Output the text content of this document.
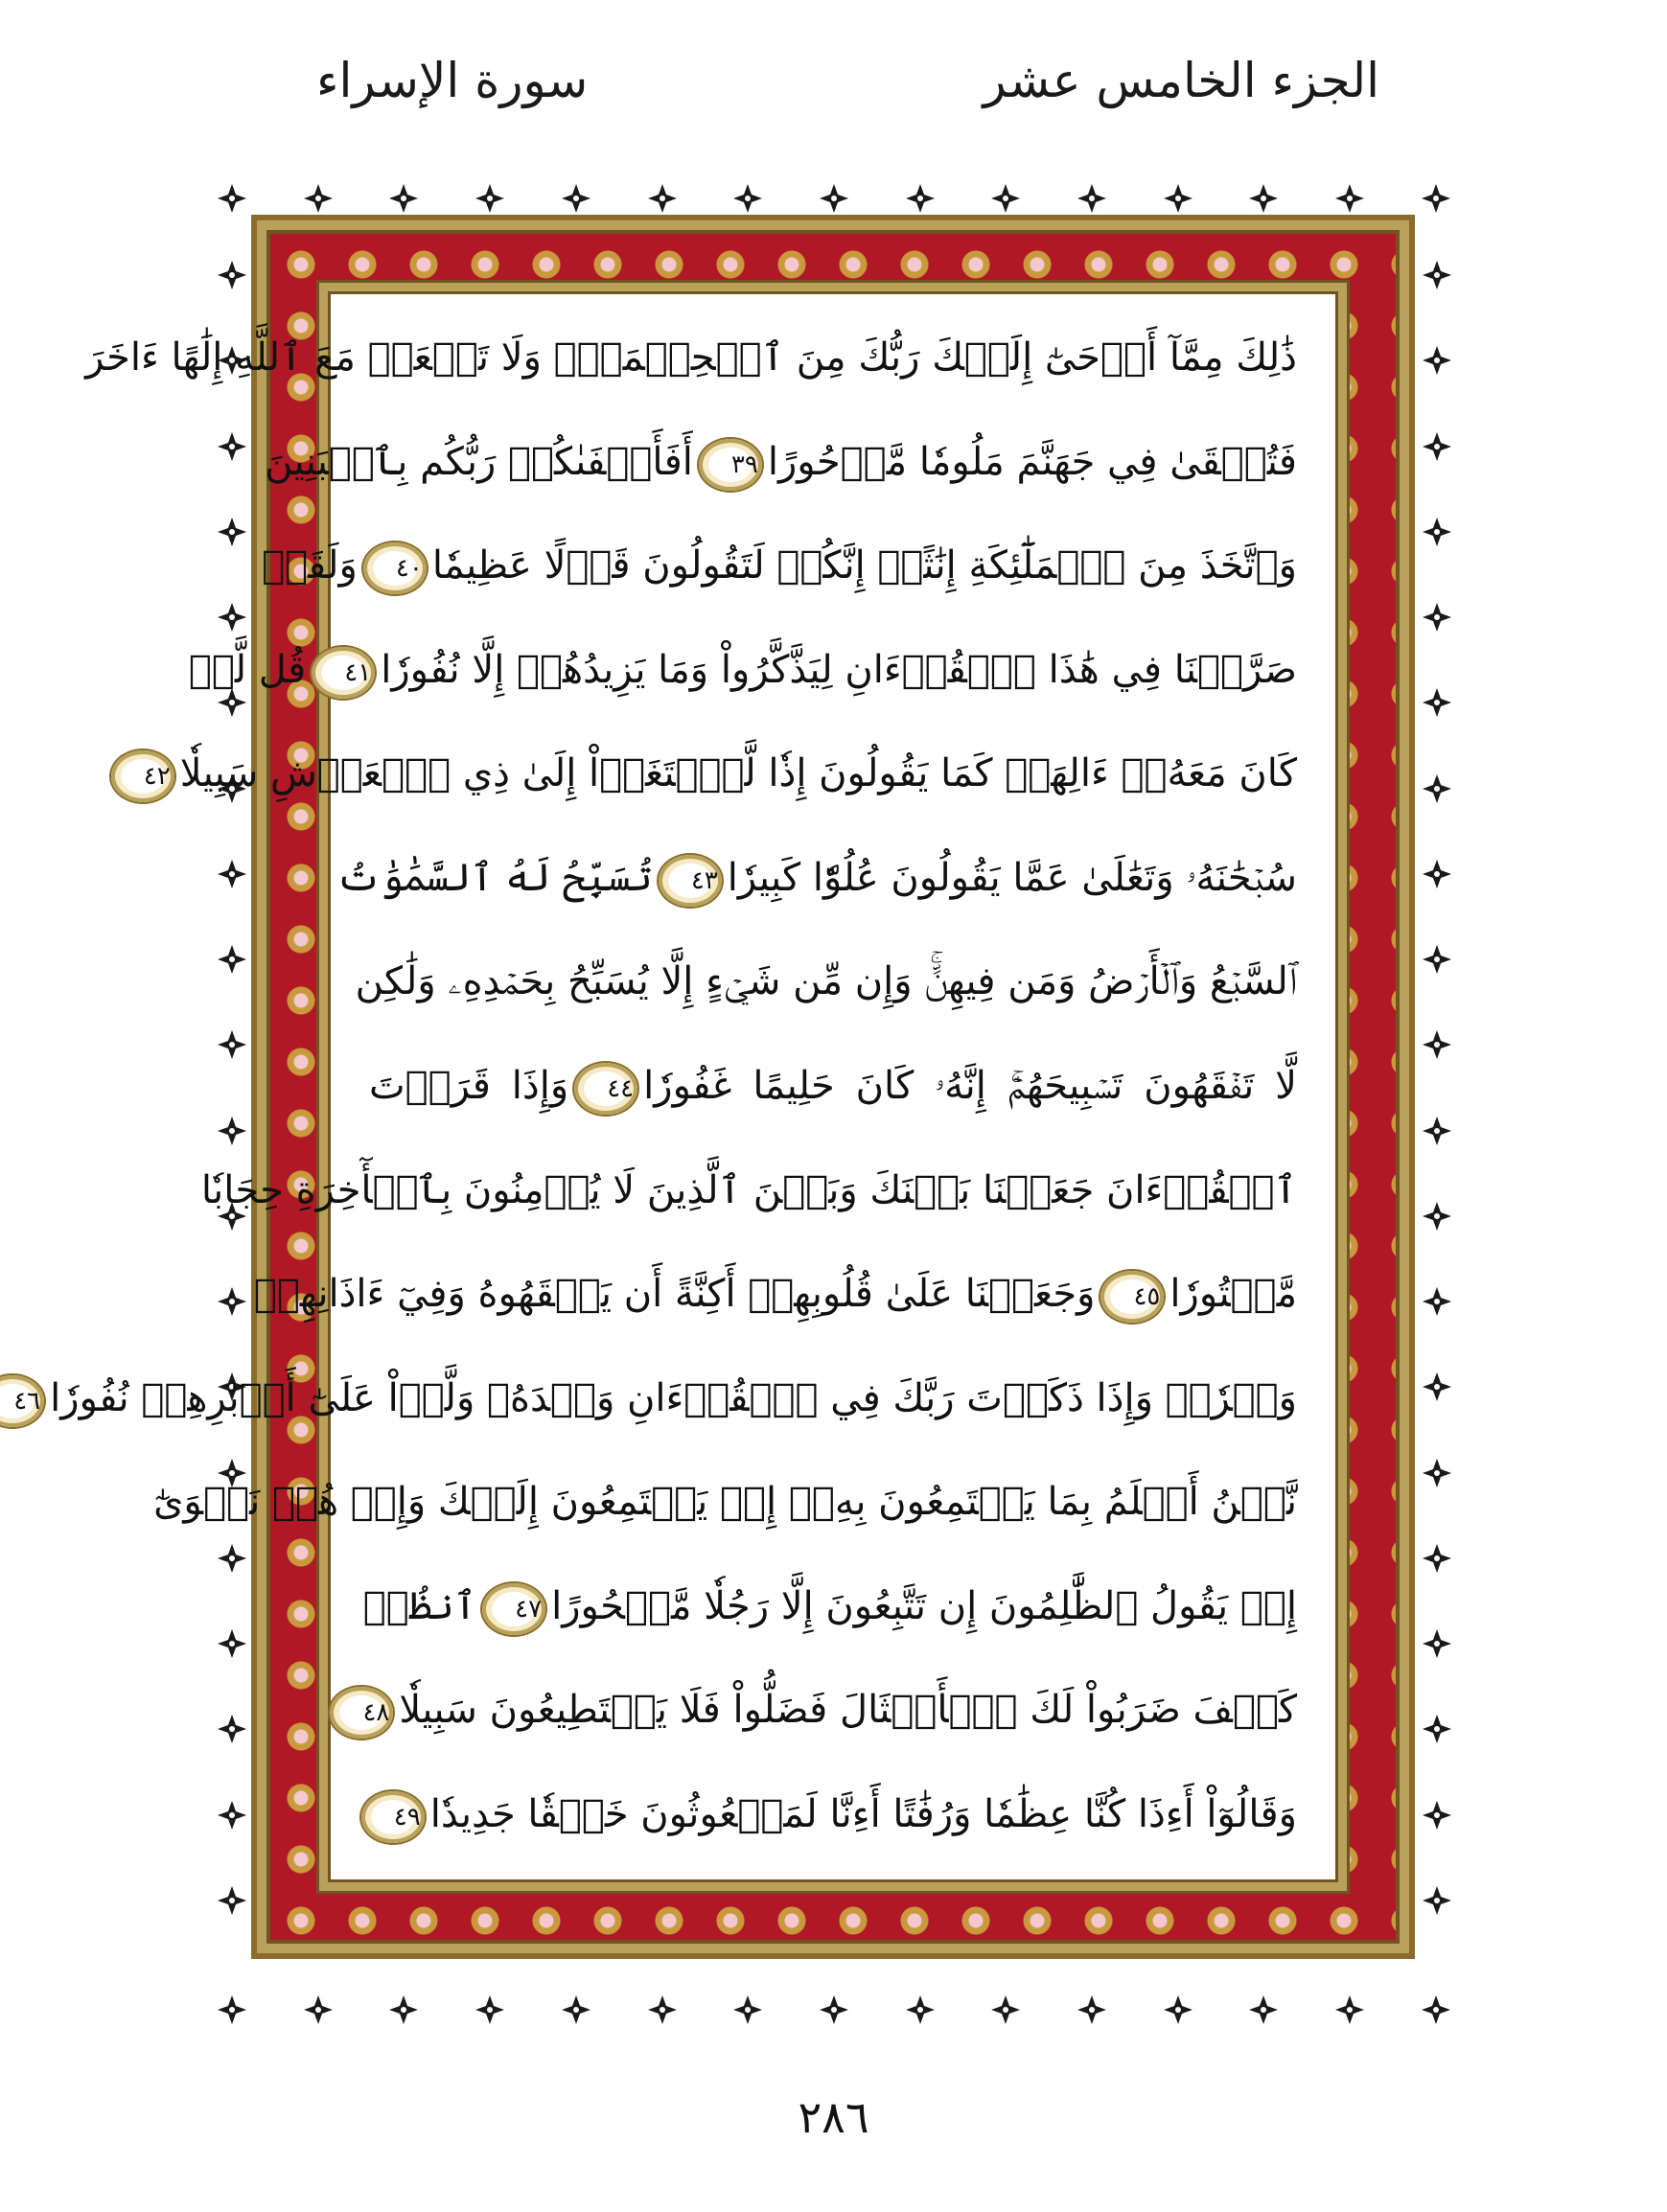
الجزء الخامس عشر
سورة الإسراء
ذَٰلِكَ مِمَّآ أَوۡحَىٰٓ إِلَيۡكَ رَبُّكَ مِنَ ٱلۡحِكۡمَةِۗ وَلَا تَجۡعَلۡ مَعَ ٱللَّهِ إِلَٰهًا ءَاخَرَ
فَتُلۡقَىٰ فِي جَهَنَّمَ مَلُومٗا مَّدۡحُورًا٣٩أَفَأَصۡفَىٰكُمۡ رَبُّكُم بِٱلۡبَنِينَ
وَٱتَّخَذَ مِنَ ٱلۡمَلَٰٓئِكَةِ إِنَٰثًاۚ إِنَّكُمۡ لَتَقُولُونَ قَوۡلًا عَظِيمٗا٤٠وَلَقَدۡ
صَرَّفۡنَا فِي هَٰذَا ٱلۡقُرۡءَانِ لِيَذَّكَّرُواْ وَمَا يَزِيدُهُمۡ إِلَّا نُفُورٗا٤١قُل لَّوۡ
كَانَ مَعَهُۥٓ ءَالِهَةٞ كَمَا يَقُولُونَ إِذٗا لَّٱبۡتَغَوۡاْ إِلَىٰ ذِي ٱلۡعَرۡشِ سَبِيلٗا٤٢
سُبۡحَٰنَهُۥ وَتَعَٰلَىٰ عَمَّا يَقُولُونَ عُلُوّٗا كَبِيرٗا٤٣تُسَبِّحُ لَهُ ٱلسَّمَٰوَٰتُ
ٱلسَّبۡعُ وَٱلۡأَرۡضُ وَمَن فِيهِنَّۚ وَإِن مِّن شَيۡءٍ إِلَّا يُسَبِّحُ بِحَمۡدِهِۦ وَلَٰكِن
لَّا تَفۡقَهُونَ تَسۡبِيحَهُمۡۚ إِنَّهُۥ كَانَ حَلِيمًا غَفُورٗا٤٤وَإِذَا قَرَأۡتَ
ٱلۡقُرۡءَانَ جَعَلۡنَا بَيۡنَكَ وَبَيۡنَ ٱلَّذِينَ لَا يُؤۡمِنُونَ بِٱلۡأٓخِرَةِ حِجَابٗا
مَّسۡتُورٗا٤٥وَجَعَلۡنَا عَلَىٰ قُلُوبِهِمۡ أَكِنَّةً أَن يَفۡقَهُوهُ وَفِيٓ ءَاذَانِهِمۡ
وَقۡرٗاۚ وَإِذَا ذَكَرۡتَ رَبَّكَ فِي ٱلۡقُرۡءَانِ وَحۡدَهُۥ وَلَّوۡاْ عَلَىٰٓ أَدۡبَٰرِهِمۡ نُفُورٗا٤٦
نَّحۡنُ أَعۡلَمُ بِمَا يَسۡتَمِعُونَ بِهِۦٓ إِذۡ يَسۡتَمِعُونَ إِلَيۡكَ وَإِذۡ هُمۡ نَجۡوَىٰٓ
إِذۡ يَقُولُ ٱلظَّٰلِمُونَ إِن تَتَّبِعُونَ إِلَّا رَجُلٗا مَّسۡحُورًا٤٧ٱنظُرۡ
كَيۡفَ ضَرَبُواْ لَكَ ٱلۡأَمۡثَالَ فَضَلُّواْ فَلَا يَسۡتَطِيعُونَ سَبِيلٗا٤٨
وَقَالُوٓاْ أَءِذَا كُنَّا عِظَٰمٗا وَرُفَٰتًا أَءِنَّا لَمَبۡعُوثُونَ خَلۡقٗا جَدِيدٗا٤٩
٢٨٦
